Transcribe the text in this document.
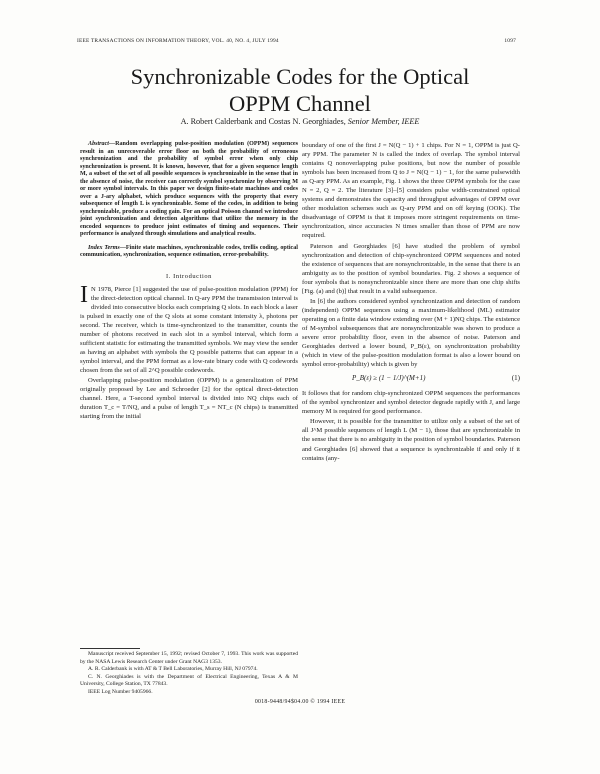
IEEE TRANSACTIONS ON INFORMATION THEORY, VOL. 40, NO. 4, JULY 1994	1097
Synchronizable Codes for the Optical
OPPM Channel
A. Robert Calderbank and Costas N. Georghiades, Senior Member, IEEE

Abstract—Random overlapping pulse-position modulation (OPPM) sequences result in an unrecoverable error floor on both the probability of erroneous synchronization and the probability of symbol error when only chip synchronization is present. It is known, however, that for a given sequence length M, a subset of the set of all possible sequences is synchronizable in the sense that in the absence of noise, the receiver can correctly symbol synchronize by observing M or more symbol intervals. In this paper we design finite-state machines and codes over a J-ary alphabet, which produce sequences with the property that every subsequence of length L is synchronizable. Some of the codes, in addition to being synchronizable, produce a coding gain. For an optical Poisson channel we introduce joint synchronization and detection algorithms that utilize the memory in the encoded sequences to produce joint estimates of timing and sequences. Their performance is analyzed through simulations and analytical results.

Index Terms—Finite state machines, synchronizable codes, trellis coding, optical communication, synchronization, sequence estimation, error-probability.

I. Introduction

I N 1978, Pierce [1] suggested the use of pulse-position modulation (PPM) for the direct-detection optical channel. In Q-ary PPM the transmission interval is divided into consecutive blocks each comprising Q slots. In each block a laser is pulsed in exactly one of the Q slots at some constant intensity λ, photons per second. The receiver, which is time-synchronized to the transmitter, counts the number of photons received in each slot in a symbol interval, which form a sufficient statistic for estimating the transmitted symbols. We may view the sender as having an alphabet with symbols the Q possible patterns that can appear in a symbol interval, and the PPM format as a low-rate binary code with Q codewords chosen from the set of all 2^Q possible codewords.

Overlapping pulse-position modulation (OPPM) is a generalization of PPM originally proposed by Lee and Schroeder [2] for the optical direct-detection channel. Here, a T-second symbol interval is divided into NQ chips each of duration T_c = T/NQ, and a pulse of length T_s = NT_c (N chips) is transmitted starting from the initial

Manuscript received September 15, 1992; revised October 7, 1993. This work was supported by the NASA Lewis Research Center under Grant NAG3 1353.

A. R. Calderbank is with AT & T Bell Laboratories, Murray Hill, NJ 07974.

C. N. Georghiades is with the Department of Electrical Engineering, Texas A & M University, College Station, TX 77843.

IEEE Log Number 9405966.

boundary of one of the first J = N(Q − 1) + 1 chips. For N = 1, OPPM is just Q-ary PPM. The parameter N is called the index of overlap. The symbol interval contains Q nonoverlapping pulse positions, but now the number of possible symbols has been increased from Q to J = N(Q − 1) − 1, for the same pulsewidth as Q-ary PPM. As an example, Fig. 1 shows the three OPPM symbols for the case N = 2, Q = 2. The literature [3]–[5] considers pulse width-constrained optical systems and demonstrates the capacity and throughput advantages of OPPM over other modulation schemes such as Q-ary PPM and on off keying (OOK). The disadvantage of OPPM is that it imposes more stringent requirements on time-synchronization, since accuracies N times smaller than those of PPM are now required.

Paterson and Georghiades [6] have studied the problem of symbol synchronization and detection of chip-synchronized OPPM sequences and noted the existence of sequences that are nonsynchronizable, in the sense that there is an ambiguity as to the position of symbol boundaries. Fig. 2 shows a sequence of four symbols that is nonsynchronizable since there are more than one chip shifts [Fig. (a) and (b)] that result in a valid subsequence.

In [6] the authors considered symbol synchronization and detection of random (independent) OPPM sequences using a maximum-likelihood (ML) estimator operating on a finite data window extending over (M + 1)NQ chips. The existence of M-symbol subsequences that are nonsynchronizable was shown to produce a severe error probability floor, even in the absence of noise. Paterson and Georghiades derived a lower bound, P_B(ε), on synchronization probability (which in view of the pulse-position modulation format is also a lower bound on symbol error-probability) which is given by

P_B(ε) ≥ (1 − 1/J)^(M+1)	(1)

It follows that for random chip-synchronized OPPM sequences the performances of the symbol synchronizer and symbol detector degrade rapidly with J, and large memory M is required for good performance.

However, it is possible for the transmitter to utilize only a subset of the set of all J^M possible sequences of length L (M − 1), those that are synchronizable in the sense that there is no ambiguity in the position of symbol boundaries. Paterson and Georghiades [6] showed that a sequence is synchronizable if and only if it contains (any-

0018-9448/94$04.00 © 1994 IEEE
